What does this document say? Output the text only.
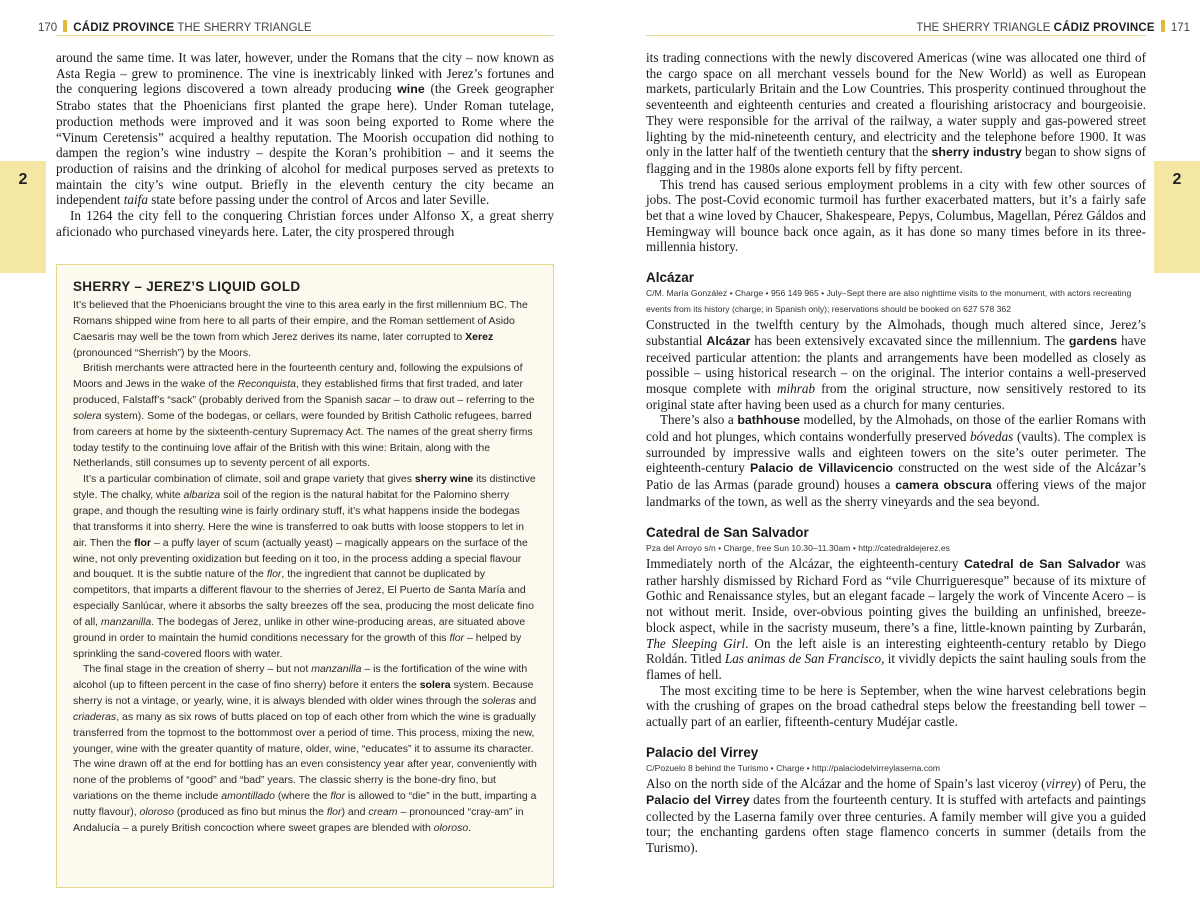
170 CÁDIZ PROVINCE THE SHERRY TRIANGLE
2

around the same time. It was later, however, under the Romans that the city – now known as Asta Regia – grew to prominence. The vine is inextricably linked with Jerez’s fortunes and the conquering legions discovered a town already producing wine (the Greek geographer Strabo states that the Phoenicians first planted the grape here). Under Roman tutelage, production methods were improved and it was soon being exported to Rome where the “Vinum Ceretensis” acquired a healthy reputation. The Moorish occupation did nothing to dampen the region’s wine industry – despite the Koran’s prohibition – and it seems the production of raisins and the drinking of alcohol for medical purposes served as pretexts to maintain the city’s wine output. Briefly in the eleventh century the city became an independent taifa state before passing under the control of Arcos and later Seville.

In 1264 the city fell to the conquering Christian forces under Alfonso X, a great sherry aficionado who purchased vineyards here. Later, the city prospered through

SHERRY – JEREZ’S LIQUID GOLD

It’s believed that the Phoenicians brought the vine to this area early in the first millennium BC. The Romans shipped wine from here to all parts of their empire, and the Roman settlement of Asido Caesaris may well be the town from which Jerez derives its name, later corrupted to Xerez (pronounced “Sherrish”) by the Moors.

British merchants were attracted here in the fourteenth century and, following the expulsions of Moors and Jews in the wake of the Reconquista, they established firms that first traded, and later produced, Falstaff’s “sack” (probably derived from the Spanish sacar – to draw out – referring to the solera system). Some of the bodegas, or cellars, were founded by British Catholic refugees, barred from careers at home by the sixteenth-century Supremacy Act. The names of the great sherry firms today testify to the continuing love affair of the British with this wine: Britain, along with the Netherlands, still consumes up to seventy percent of all exports.

It’s a particular combination of climate, soil and grape variety that gives sherry wine its distinctive style. The chalky, white albariza soil of the region is the natural habitat for the Palomino sherry grape, and though the resulting wine is fairly ordinary stuff, it’s what happens inside the bodegas that transforms it into sherry. Here the wine is transferred to oak butts with loose stoppers to let in air. Then the flor – a puffy layer of scum (actually yeast) – magically appears on the surface of the wine, not only preventing oxidization but feeding on it too, in the process adding a special flavour and bouquet. It is the subtle nature of the flor, the ingredient that cannot be duplicated by competitors, that imparts a different flavour to the sherries of Jerez, El Puerto de Santa María and especially Sanlúcar, where it absorbs the salty breezes off the sea, producing the most delicate fino of all, manzanilla. The bodegas of Jerez, unlike in other wine-producing areas, are situated above ground in order to maintain the humid conditions necessary for the growth of this flor – helped by sprinkling the sand-covered floors with water.

The final stage in the creation of sherry – but not manzanilla – is the fortification of the wine with alcohol (up to fifteen percent in the case of fino sherry) before it enters the solera system. Because sherry is not a vintage, or yearly, wine, it is always blended with older wines through the soleras and criaderas, as many as six rows of butts placed on top of each other from which the wine is gradually transferred from the topmost to the bottommost over a period of time. This process, mixing the new, younger, wine with the greater quantity of mature, older, wine, “educates” it to assume its character. The wine drawn off at the end for bottling has an even consistency year after year, conveniently with none of the problems of “good” and “bad” years. The classic sherry is the bone-dry fino, but variations on the theme include amontillado (where the flor is allowed to “die” in the butt, imparting a nutty flavour), oloroso (produced as fino but minus the flor) and cream – pronounced “cray-am” in Andalucía – a purely British concoction where sweet grapes are blended with oloroso.

THE SHERRY TRIANGLE CÁDIZ PROVINCE 171
2

its trading connections with the newly discovered Americas (wine was allocated one third of the cargo space on all merchant vessels bound for the New World) as well as European markets, particularly Britain and the Low Countries. This prosperity continued throughout the seventeenth and eighteenth centuries and created a flourishing aristocracy and bourgeoisie. They were responsible for the arrival of the railway, a water supply and gas-powered street lighting by the mid-nineteenth century, and electricity and the telephone before 1900. It was only in the latter half of the twentieth century that the sherry industry began to show signs of flagging and in the 1980s alone exports fell by fifty percent.

This trend has caused serious employment problems in a city with few other sources of jobs. The post-Covid economic turmoil has further exacerbated matters, but it’s a fairly safe bet that a wine loved by Chaucer, Shakespeare, Pepys, Columbus, Magellan, Pérez Gáldos and Hemingway will bounce back once again, as it has done so many times before in its three-millennia history.

Alcázar
C/M. María González • Charge • 956 149 965 • July–Sept there are also nighttime visits to the monument, with actors recreating events from its history (charge; in Spanish only); reservations should be booked on 627 578 362

Constructed in the twelfth century by the Almohads, though much altered since, Jerez’s substantial Alcázar has been extensively excavated since the millennium. The gardens have received particular attention: the plants and arrangements have been modelled as closely as possible – using historical research – on the original. The interior contains a well-preserved mosque complete with mihrab from the original structure, now sensitively restored to its original state after having been used as a church for many centuries.

There’s also a bathhouse modelled, by the Almohads, on those of the earlier Romans with cold and hot plunges, which contains wonderfully preserved bóvedas (vaults). The complex is surrounded by impressive walls and eighteen towers on the site’s outer perimeter. The eighteenth-century Palacio de Villavicencio constructed on the west side of the Alcázar’s Patio de las Armas (parade ground) houses a camera obscura offering views of the major landmarks of the town, as well as the sherry vineyards and the sea beyond.

Catedral de San Salvador
Pza del Arroyo s/n • Charge, free Sun 10.30–11.30am • http://catedraldejerez.es

Immediately north of the Alcázar, the eighteenth-century Catedral de San Salvador was rather harshly dismissed by Richard Ford as “vile Churrigueresque” because of its mixture of Gothic and Renaissance styles, but an elegant facade – largely the work of Vincente Acero – is not without merit. Inside, over-obvious pointing gives the building an unfinished, breeze-block aspect, while in the sacristy museum, there’s a fine, little-known painting by Zurbarán, The Sleeping Girl. On the left aisle is an interesting eighteenth-century retablo by Diego Roldán. Titled Las animas de San Francisco, it vividly depicts the saint hauling souls from the flames of hell.

The most exciting time to be here is September, when the wine harvest celebrations begin with the crushing of grapes on the broad cathedral steps below the freestanding bell tower – actually part of an earlier, fifteenth-century Mudéjar castle.

Palacio del Virrey
C/Pozuelo 8 behind the Turismo • Charge • http://palaciodelvirreylaserna.com

Also on the north side of the Alcázar and the home of Spain’s last viceroy (virrey) of Peru, the Palacio del Virrey dates from the fourteenth century. It is stuffed with artefacts and paintings collected by the Laserna family over three centuries. A family member will give you a guided tour; the enchanting gardens often stage flamenco concerts in summer (details from the Turismo).
